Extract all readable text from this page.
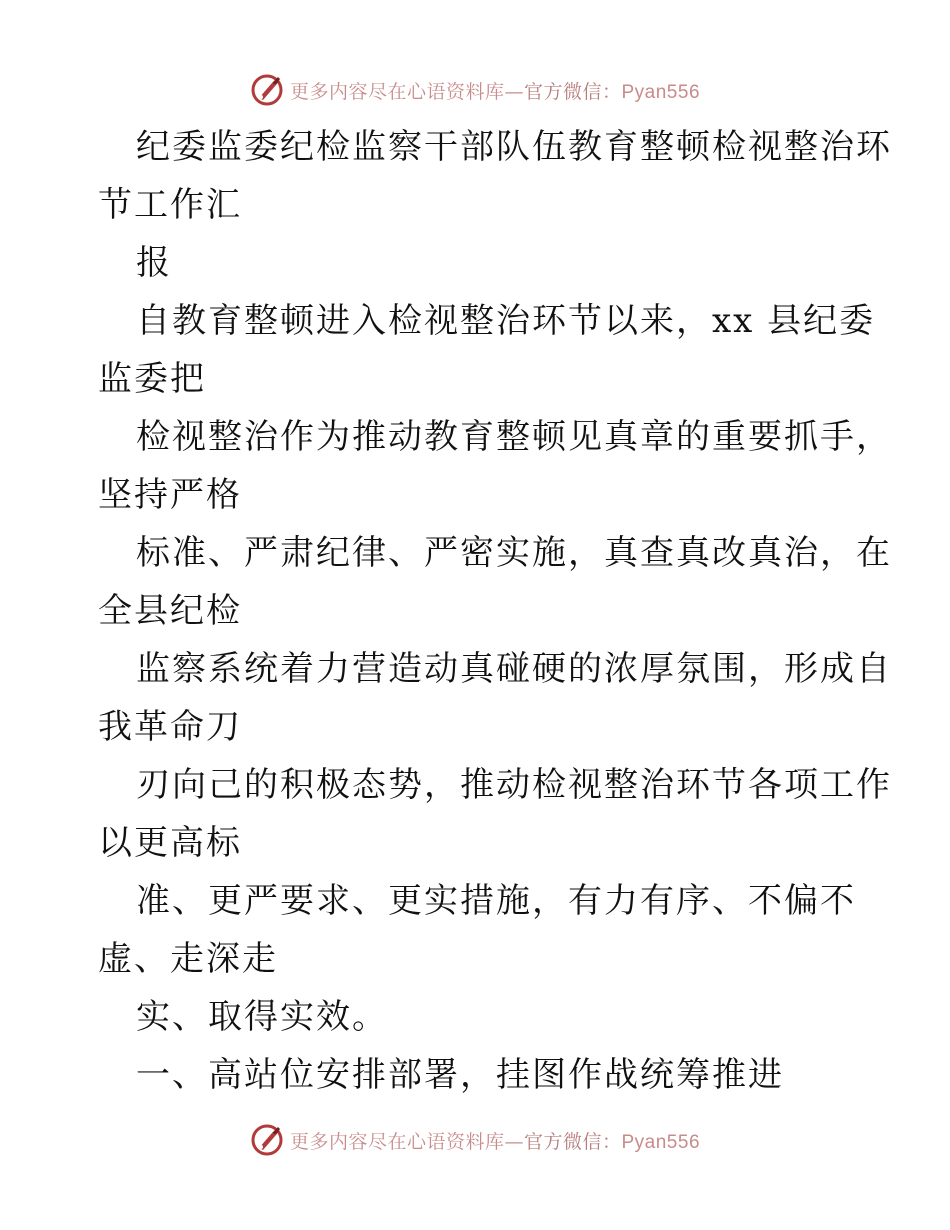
更多内容尽在心语资料库—官方微信：Pyan556
纪委监委纪检监察干部队伍教育整顿检视整治环
节工作汇
报
自教育整顿进入检视整治环节以来，xx 县纪委
监委把
检视整治作为推动教育整顿见真章的重要抓手，
坚持严格
标准、严肃纪律、严密实施，真查真改真治，在
全县纪检
监察系统着力营造动真碰硬的浓厚氛围，形成自
我革命刀
刃向己的积极态势，推动检视整治环节各项工作
以更高标
准、更严要求、更实措施，有力有序、不偏不
虚、走深走
实、取得实效。
一、高站位安排部署，挂图作战统筹推进
更多内容尽在心语资料库—官方微信：Pyan556
